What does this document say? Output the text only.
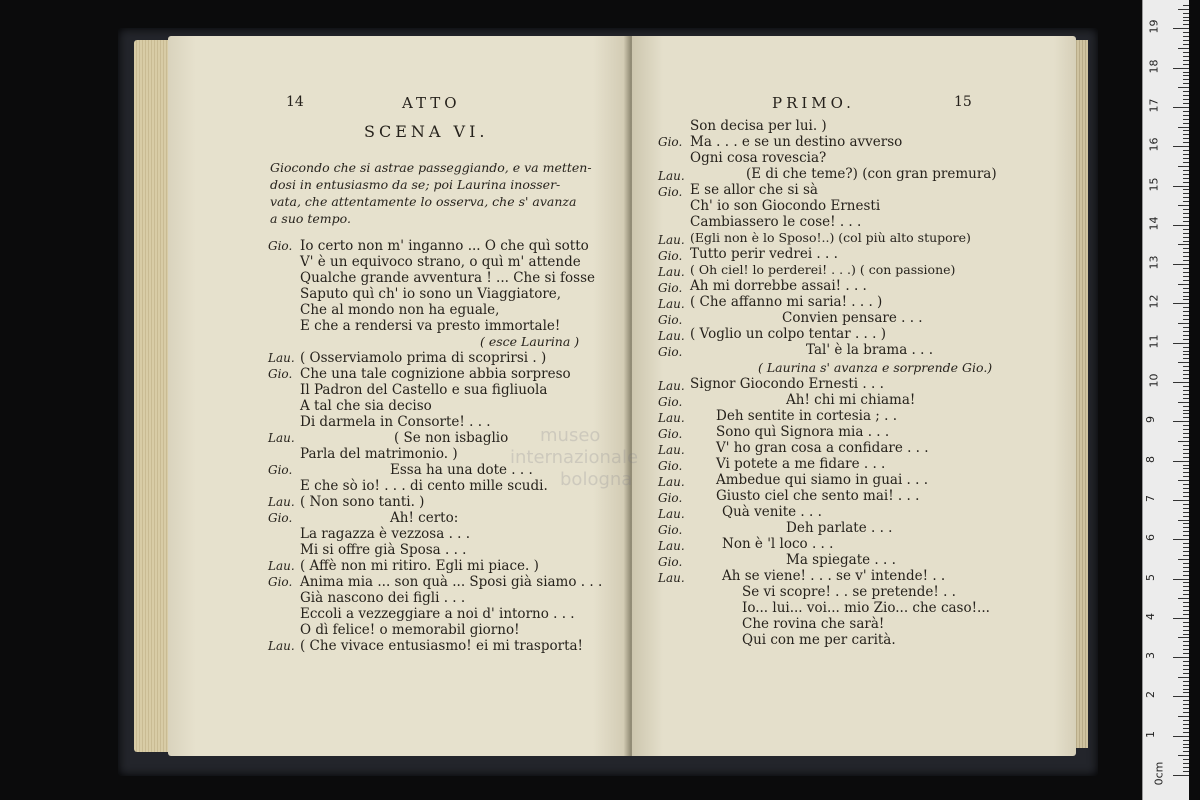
14	ATTO
SCENA VI.
Giocondo che si astrae passeggiando, e va metten-
dosi in entusiasmo da se; poi Laurina inosser-
vata, che attentamente lo osserva, che s' avanza
a suo tempo.
Gio. Io certo non m' inganno ... O che quì sotto
V' è un equivoco strano, o quì m' attende
Qualche grande avventura ! ... Che si fosse
Saputo quì ch' io sono un Viaggiatore,
Che al mondo non ha eguale,
E che a rendersi va presto immortale!
( esce Laurina )
Lau. ( Osserviamolo prima di scoprirsi . )
Gio. Che una tale cognizione abbia sorpreso
Il Padron del Castello e sua figliuola
A tal che sia deciso
Di darmela in Consorte! . . .
Lau.	( Se non isbaglio
Parla del matrimonio. )
Gio.	Essa ha una dote . . .
E che sò io! . . . di cento mille scudi.
Lau. ( Non sono tanti. )
Gio.	Ah! certo:
La ragazza è vezzosa . . .
Mi si offre già Sposa . . .
Lau. ( Affè non mi ritiro. Egli mi piace. )
Gio. Anima mia ... son quà ... Sposi già siamo . . .
Già nascono dei figli . . .
Eccoli a vezzeggiare a noi d' intorno . . .
O dì felice! o memorabil giorno!
Lau. ( Che vivace entusiasmo! ei mi trasporta!
PRIMO.	15
Son decisa per lui. )
Gio. Ma . . . e se un destino avverso
Ogni cosa rovescia?
Lau.	(E di che teme?) (con gran premura)
Gio. E se allor che si sà
Ch' io son Giocondo Ernesti
Cambiassero le cose! . . .
Lau. (Egli non è lo Sposo!..) (col più alto stupore)
Gio. Tutto perir vedrei . . .
Lau. ( Oh ciel! lo perderei! . . .) ( con passione)
Gio. Ah mi dorrebbe assai! . . .
Lau. ( Che affanno mi saria! . . . )
Gio.	Convien pensare . . .
Lau. ( Voglio un colpo tentar . . . )
Gio.	Tal' è la brama . . .
( Laurina s' avanza e sorprende Gio.)
Lau. Signor Giocondo Ernesti . . .
Gio.	Ah! chi mi chiama!
Lau. Deh sentite in cortesia ; . .
Gio. Sono quì Signora mia . . .
Lau. V' ho gran cosa a confidare . . .
Gio. Vi potete a me fidare . . .
Lau. Ambedue qui siamo in guai . . .
Gio. Giusto ciel che sento mai! . . .
Lau.	Quà venite . . .
Gio.	Deh parlate . . .
Lau.	Non è 'l loco . . .
Gio.	Ma spiegate . . .
Lau.	Ah se viene! . . . se v' intende! . .
Se vi scopre! . . se pretende! . .
Io... lui... voi... mio Zio... che caso!...
Che rovina che sarà!
Qui con me per carità.
museo
internazionale
bologna
0cm
1
2
3
4
5
6
7
8
9
10
11
12
13
14
15
16
17
18
19
